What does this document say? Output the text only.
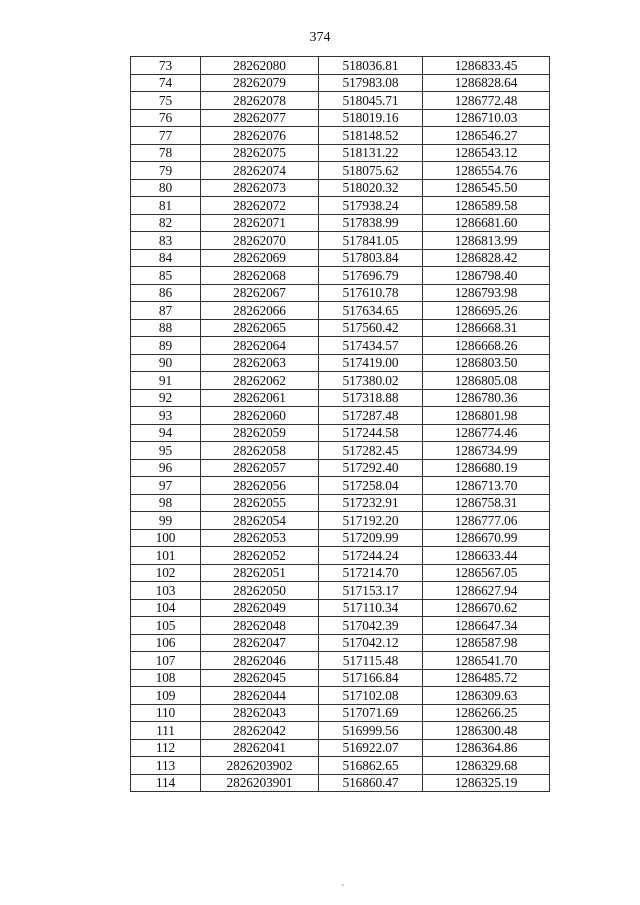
374
73	28262080	518036.81	1286833.45
74	28262079	517983.08	1286828.64
75	28262078	518045.71	1286772.48
76	28262077	518019.16	1286710.03
77	28262076	518148.52	1286546.27
78	28262075	518131.22	1286543.12
79	28262074	518075.62	1286554.76
80	28262073	518020.32	1286545.50
81	28262072	517938.24	1286589.58
82	28262071	517838.99	1286681.60
83	28262070	517841.05	1286813.99
84	28262069	517803.84	1286828.42
85	28262068	517696.79	1286798.40
86	28262067	517610.78	1286793.98
87	28262066	517634.65	1286695.26
88	28262065	517560.42	1286668.31
89	28262064	517434.57	1286668.26
90	28262063	517419.00	1286803.50
91	28262062	517380.02	1286805.08
92	28262061	517318.88	1286780.36
93	28262060	517287.48	1286801.98
94	28262059	517244.58	1286774.46
95	28262058	517282.45	1286734.99
96	28262057	517292.40	1286680.19
97	28262056	517258.04	1286713.70
98	28262055	517232.91	1286758.31
99	28262054	517192.20	1286777.06
100	28262053	517209.99	1286670.99
101	28262052	517244.24	1286633.44
102	28262051	517214.70	1286567.05
103	28262050	517153.17	1286627.94
104	28262049	517110.34	1286670.62
105	28262048	517042.39	1286647.34
106	28262047	517042.12	1286587.98
107	28262046	517115.48	1286541.70
108	28262045	517166.84	1286485.72
109	28262044	517102.08	1286309.63
110	28262043	517071.69	1286266.25
111	28262042	516999.56	1286300.48
112	28262041	516922.07	1286364.86
113	2826203902	516862.65	1286329.68
114	2826203901	516860.47	1286325.19
